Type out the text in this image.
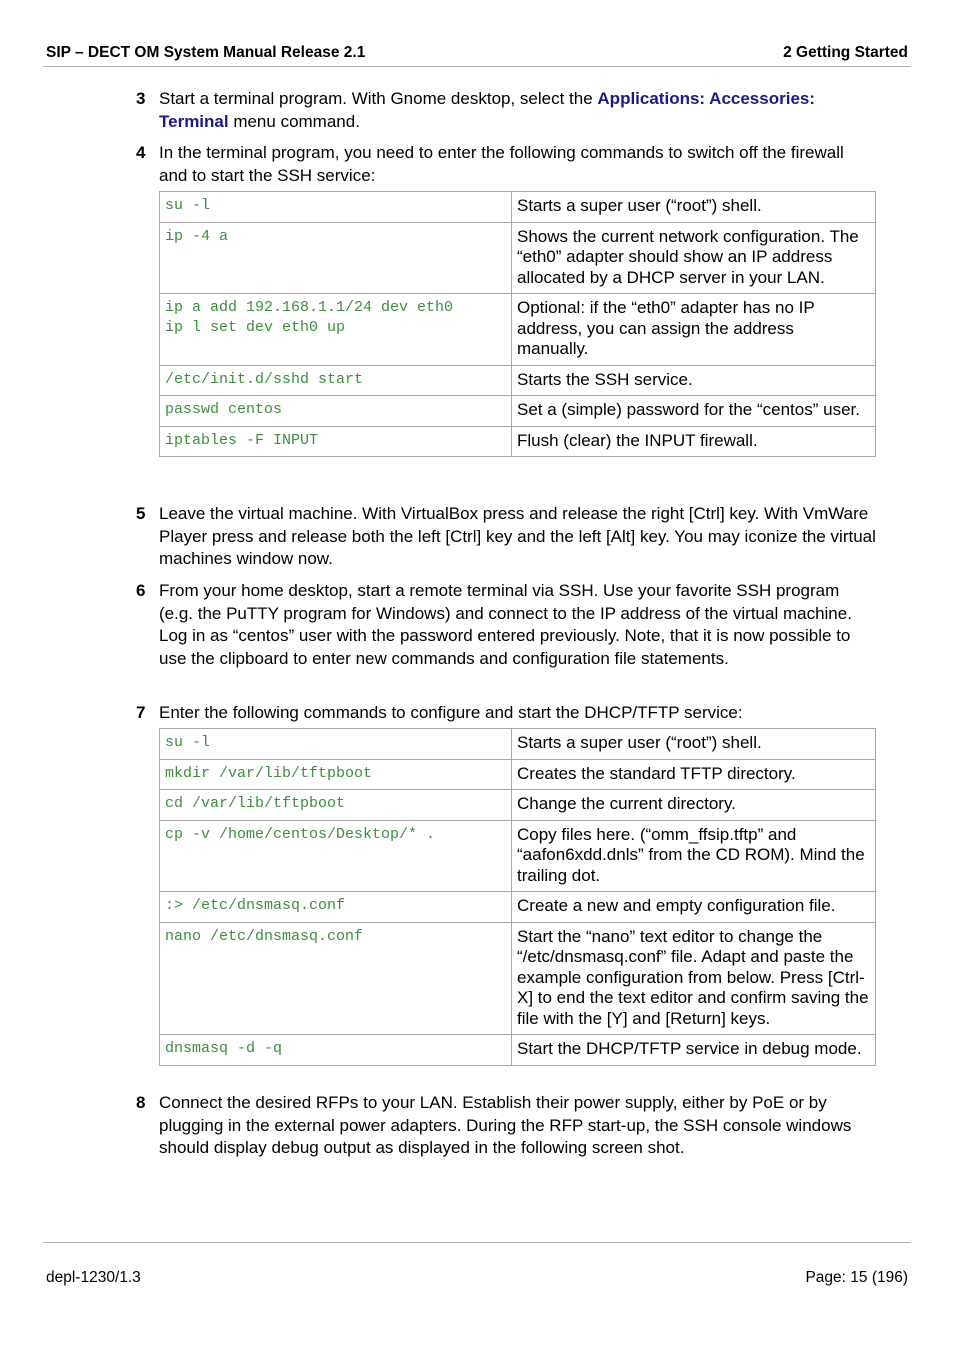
SIP – DECT OM System Manual Release 2.1	2 Getting Started
3 Start a terminal program. With Gnome desktop, select the Applications: Accessories: Terminal menu command.
4 In the terminal program, you need to enter the following commands to switch off the firewall and to start the SSH service:
su -l	Starts a super user (“root”) shell.

ip -4 a	Shows the current network configuration. The “eth0” adapter should show an IP address allocated by a DHCP server in your LAN.

ip a add 192.168.1.1/24 dev eth0
ip l set dev eth0 up	Optional: if the “eth0” adapter has no IP address, you can assign the address manually.

/etc/init.d/sshd start	Starts the SSH service.

passwd centos	Set a (simple) password for the “centos” user.

iptables -F INPUT	Flush (clear) the INPUT firewall.
5 Leave the virtual machine. With VirtualBox press and release the right [Ctrl] key. With VmWare Player press and release both the left [Ctrl] key and the left [Alt] key. You may iconize the virtual machines window now.
6 From your home desktop, start a remote terminal via SSH. Use your favorite SSH program (e.g. the PuTTY program for Windows) and connect to the IP address of the virtual machine. Log in as “centos” user with the password entered previously. Note, that it is now possible to use the clipboard to enter new commands and configuration file statements.
7 Enter the following commands to configure and start the DHCP/TFTP service:
su -l	Starts a super user (“root”) shell.

mkdir /var/lib/tftpboot	Creates the standard TFTP directory.

cd /var/lib/tftpboot	Change the current directory.

cp -v /home/centos/Desktop/* .	Copy files here. (“omm_ffsip.tftp” and “aafon6xdd.dnls” from the CD ROM). Mind the trailing dot.

:> /etc/dnsmasq.conf	Create a new and empty configuration file.

nano /etc/dnsmasq.conf	Start the “nano” text editor to change the “/etc/dnsmasq.conf” file. Adapt and paste the example configuration from below. Press [Ctrl-X] to end the text editor and confirm saving the file with the [Y] and [Return] keys.

dnsmasq -d -q	Start the DHCP/TFTP service in debug mode.
8 Connect the desired RFPs to your LAN. Establish their power supply, either by PoE or by plugging in the external power adapters. During the RFP start-up, the SSH console windows should display debug output as displayed in the following screen shot.
depl-1230/1.3	Page: 15 (196)
